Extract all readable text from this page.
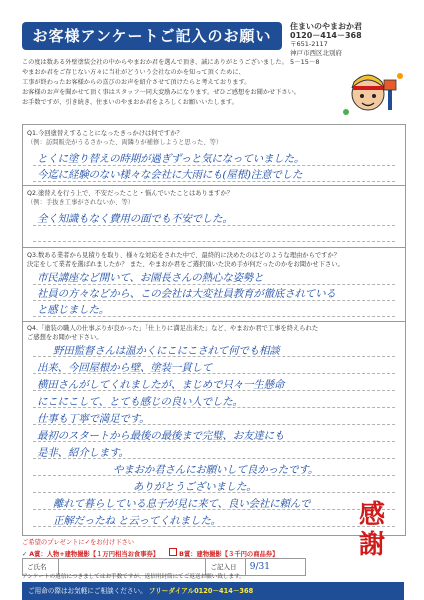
お客様アンケートご記入のお願い
住まいのやまおか君
0120－414－368
〒651-2117
神戸市西区北別府
5－15－8
この度は数ある外壁塗装会社の中からやまおか君を選んで頂き、誠にありがとうございました。
やまおか君をご存じない方々に当社がどういう会社なのかを知って頂くために、
工事が終わったお客様からの喜びのお声を紹介させて頂けたらと考えております。
お客様のお声を聞かせて頂く事はスタッフ一同大変励みになります。ぜひご感想をお聞かせ下さい。
お手数ですが、引き続き、住まいのやまおか君をよろしくお願いいたします。
Q1.今回塗替えすることになったきっかけは何ですか？
（例：訪問販売がうるさかった、両隣りが補修しようと思った、等）
とくに塗り替えの時期が過ぎずっと気になっていました。
今迄に経験のない様々な会社に大雨にも(屋根)注意でした
Q2.塗替えを行う上で、不安だったこと・悩んでいたことはありますか？
（例：手抜き工事がされないか、等）
全く知識もなく費用の面でも不安でした。
Q3.数ある業者から見積りを取り、様々な対応をされた中で、最終的に決めたのはどのような理由からですか？
決定をして業者を選ばれましたか？ また、やまおか君をご選択頂いた決め手が何だったのかをお聞かせ下さい。
市民講座など開いて、お園長さんの熱心な姿勢と
社員の方々などから、この会社は大変社員教育が徹底されている
と感じました。
Q4.「塗装の職人の仕事ぶりが良かった」「仕上りに満足出来た」など、やまおか君で工事を終えられた
ご感想をお聞かせ下さい。
野田監督さんは温かくにこにこされて何でも相談
出来、今回屋根から壁、塗装一貫して
横田さんがしてくれましたが、まじめで只々一生懸命
にこにこして、とても感じの良い人でした。
仕事も丁寧で満足です。
最初のスタートから最後の最後まで完璧、お友達にも
是非、紹介します。
やまおか君さんにお願いして良かったです。
ありがとうございました。
離れて暮らしている息子が見に来て、良い会社に頼んで
正解だったね と云ってくれました。	感
謝
ご希望のプレゼントに✓をお付け下さい
✓ A賞：人物+建物撮影【１万円相当お食事券】	B賞：建物撮影【３千円の商品券】
ご氏名	ご記入日	9/31
アンケートの返信につきましてはお手数ですが、返信用封筒にてご返送お願い致します。
ご用命の際はお気軽にご相談ください。 フリーダイアル0120－414－368
